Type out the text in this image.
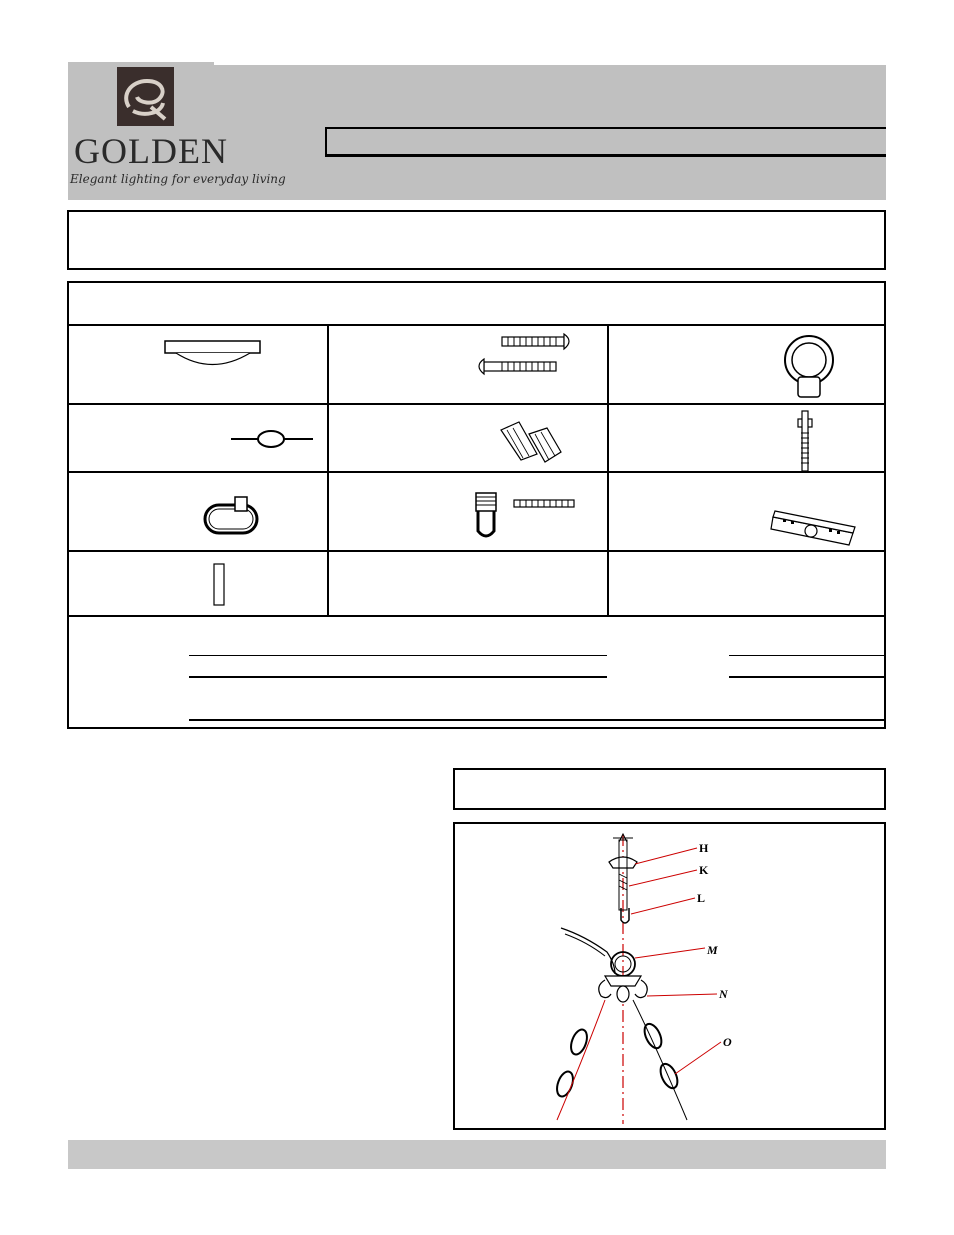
GOLDEN
Elegant lighting for everyday living
H
K
L
M
N
O
